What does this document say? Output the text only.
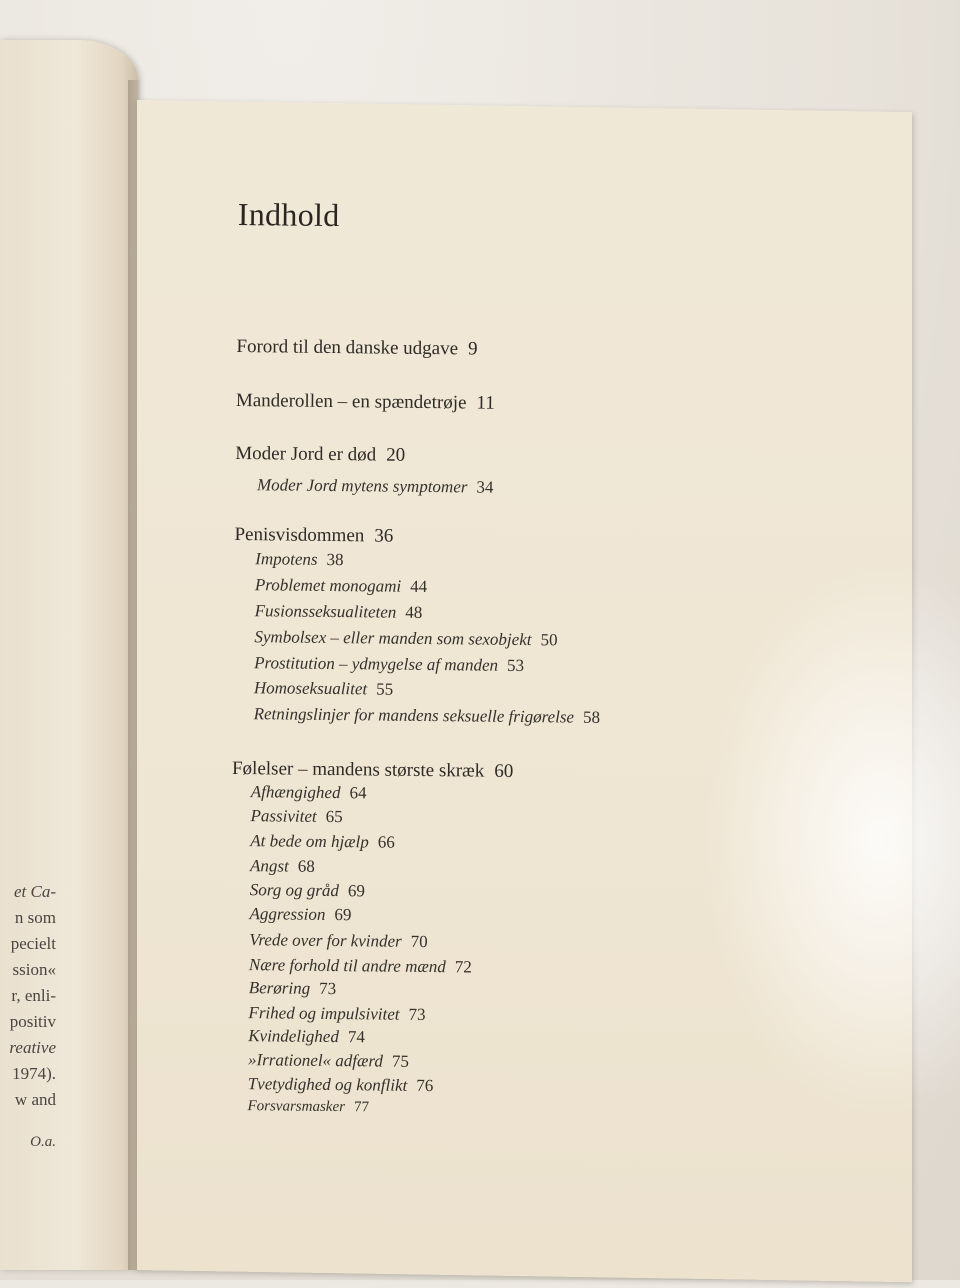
et Ca-
n som
pecielt
ssion«
r, enli-
positiv
reative
1974).
w and
O.a.
Indhold
Forord til den danske udgave 9
Manderollen – en spændetrøje 11
Moder Jord er død 20
Moder Jord mytens symptomer 34
Penisvisdommen 36
Impotens 38
Problemet monogami 44
Fusionsseksualiteten 48
Symbolsex – eller manden som sexobjekt 50
Prostitution – ydmygelse af manden 53
Homoseksualitet 55
Retningslinjer for mandens seksuelle frigørelse 58
Følelser – mandens største skræk 60
Afhængighed 64
Passivitet 65
At bede om hjælp 66
Angst 68
Sorg og gråd 69
Aggression 69
Vrede over for kvinder 70
Nære forhold til andre mænd 72
Berøring 73
Frihed og impulsivitet 73
Kvindelighed 74
»Irrationel« adfærd 75
Tvetydighed og konflikt 76
Forsvarsmasker 77
